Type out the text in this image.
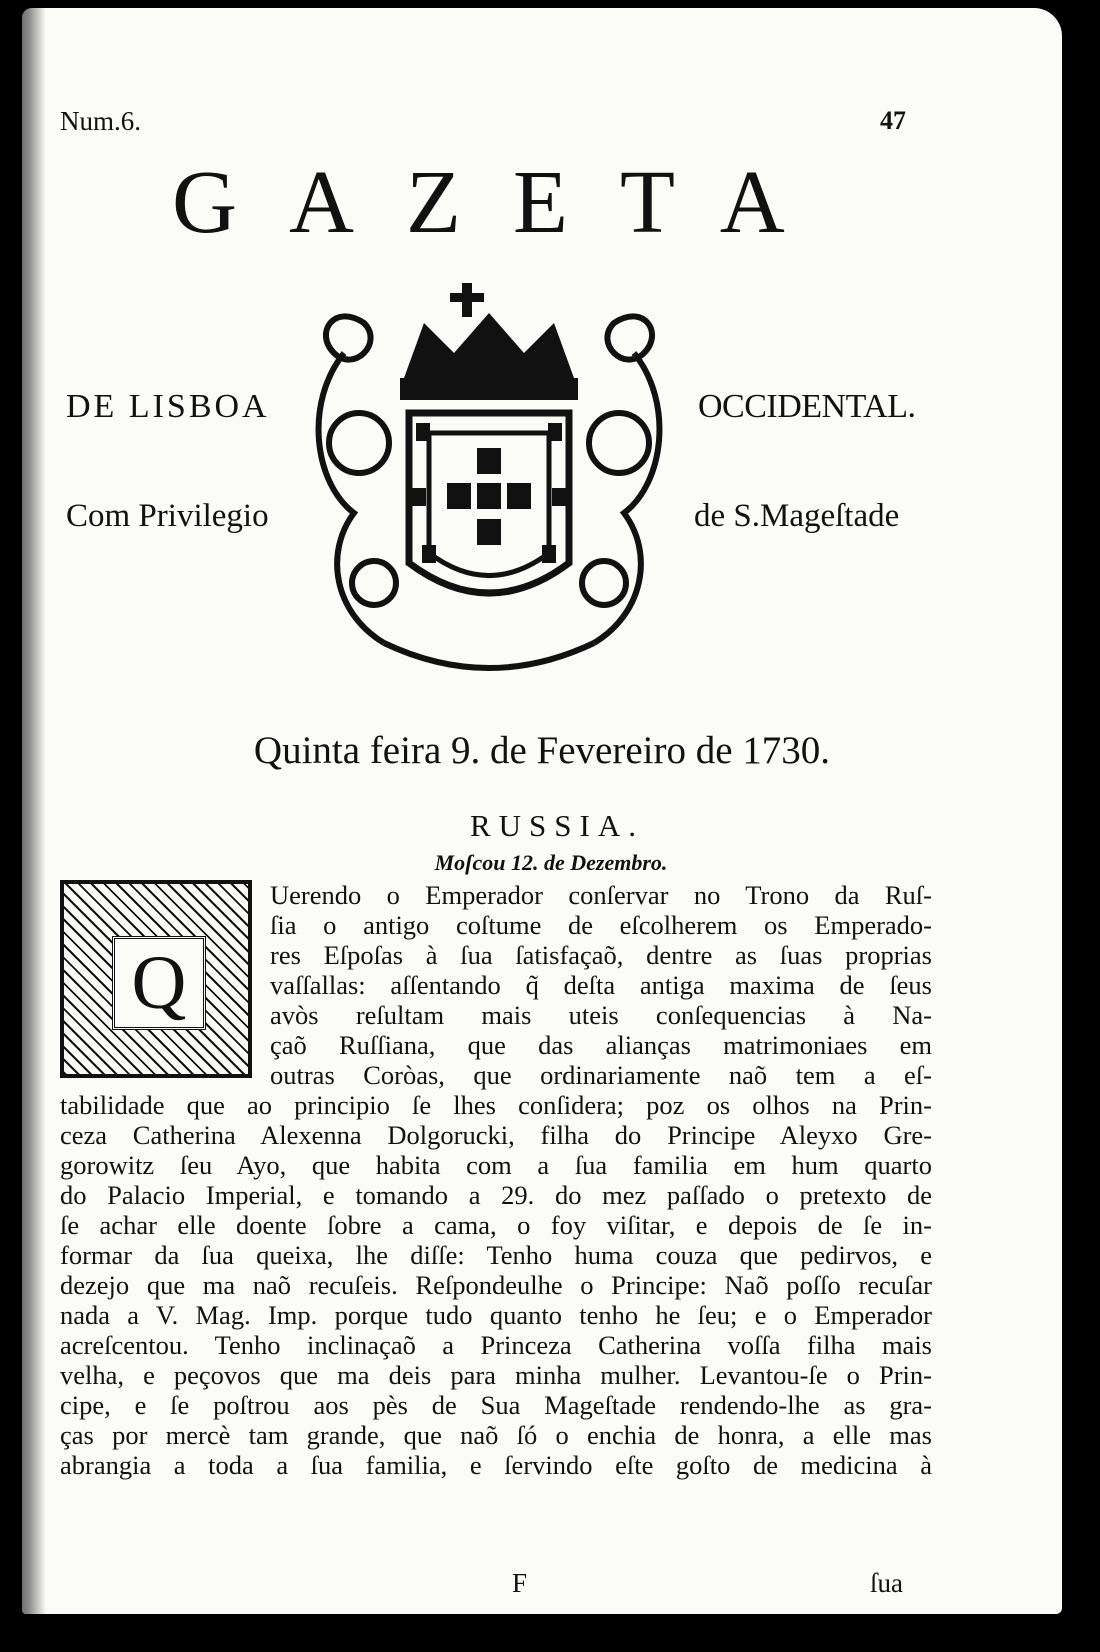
Num.6.	47
GAZETA
DE LISBOA	OCCIDENTAL.
Com Privilegio	de S.Mageſtade
Quinta feira 9. de Fevereiro de 1730.
RUSSIA.
Moſcou 12. de Dezembro.
Q
Uerendo o Emperador conſervar no Trono da Ruſ-
ſia o antigo coſtume de eſcolherem os Emperado-
res Eſpoſas à ſua ſatisfaçaõ, dentre as ſuas proprias
vaſſallas: aſſentando q̃ deſta antiga maxima de ſeus
avòs reſultam mais uteis conſequencias à Na-
çaõ Ruſſiana, que das alianças matrimoniaes em
outras Coròas, que ordinariamente naõ tem a eſ-
tabilidade que ao principio ſe lhes conſidera; poz os olhos na Prin-
ceza Catherina Alexenna Dolgorucki, filha do Principe Aleyxo Gre-
gorowitz ſeu Ayo, que habita com a ſua familia em hum quarto
do Palacio Imperial, e tomando a 29. do mez paſſado o pretexto de
ſe achar elle doente ſobre a cama, o foy viſitar, e depois de ſe in-
formar da ſua queixa, lhe diſſe: Tenho huma couza que pedirvos, e
dezejo que ma naõ recuſeis. Reſpondeulhe o Principe: Naõ poſſo recuſar
nada a V. Mag. Imp. porque tudo quanto tenho he ſeu; e o Emperador
acreſcentou. Tenho inclinaçaõ a Princeza Catherina voſſa filha mais
velha, e peçovos que ma deis para minha mulher. Levantou-ſe o Prin-
cipe, e ſe poſtrou aos pès de Sua Mageſtade rendendo-lhe as gra-
ças por mercè tam grande, que naõ ſó o enchia de honra, a elle mas
abrangia a toda a ſua familia, e ſervindo eſte goſto de medicina à
F	ſua
